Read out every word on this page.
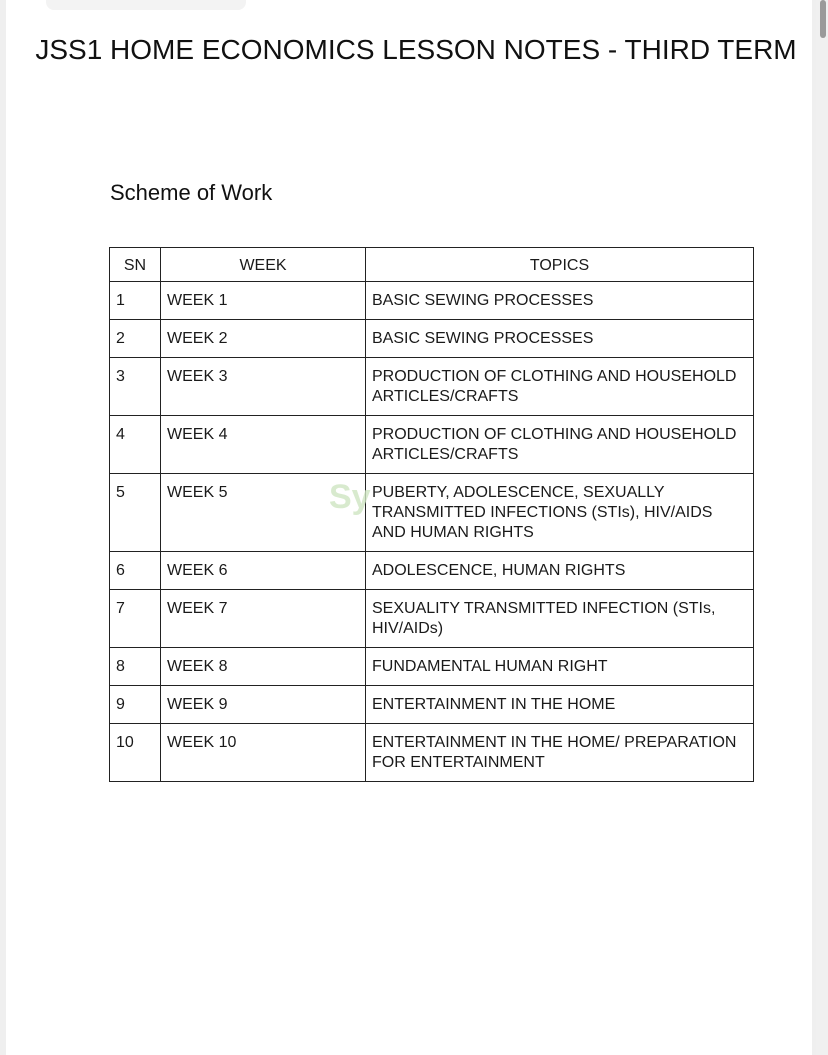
JSS1 HOME ECONOMICS LESSON NOTES - THIRD TERM

Scheme of Work

SN	WEEK	TOPICS
1	WEEK 1	BASIC SEWING PROCESSES
2	WEEK 2	BASIC SEWING PROCESSES
3	WEEK 3	PRODUCTION OF CLOTHING AND HOUSEHOLD ARTICLES/CRAFTS
4	WEEK 4	PRODUCTION OF CLOTHING AND HOUSEHOLD ARTICLES/CRAFTS
5	WEEK 5	PUBERTY, ADOLESCENCE, SEXUALLY TRANSMITTED INFECTIONS (STIs), HIV/AIDS AND HUMAN RIGHTS
6	WEEK 6	ADOLESCENCE, HUMAN RIGHTS
7	WEEK 7	SEXUALITY TRANSMITTED INFECTION (STIs, HIV/AIDs)
8	WEEK 8	FUNDAMENTAL HUMAN RIGHT
9	WEEK 9	ENTERTAINMENT IN THE HOME
10	WEEK 10	ENTERTAINMENT IN THE HOME/ PREPARATION FOR ENTERTAINMENT
Sy
